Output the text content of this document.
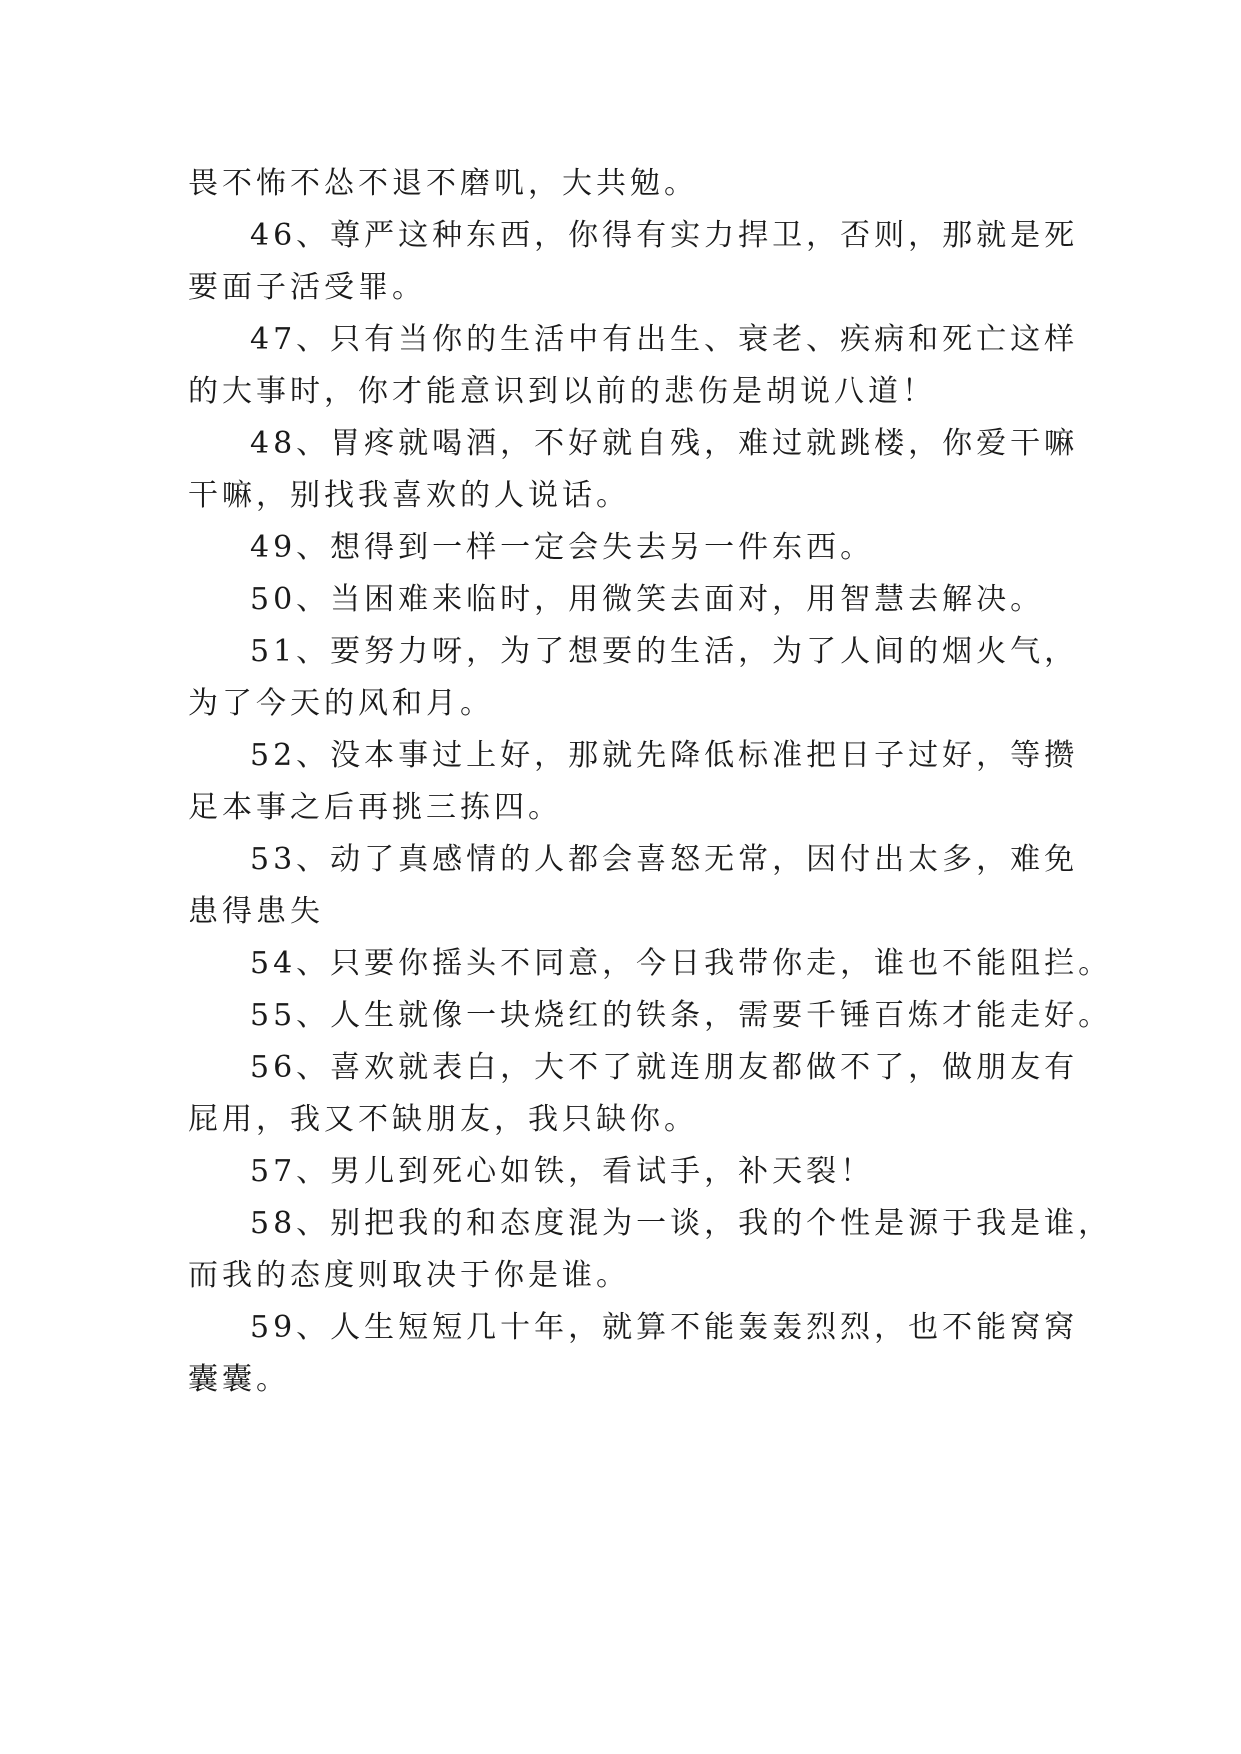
畏不怖不怂不退不磨叽，大共勉。
46、尊严这种东西，你得有实力捍卫，否则，那就是死
要面子活受罪。
47、只有当你的生活中有出生、衰老、疾病和死亡这样
的大事时，你才能意识到以前的悲伤是胡说八道！
48、胃疼就喝酒，不好就自残，难过就跳楼，你爱干嘛
干嘛，别找我喜欢的人说话。
49、想得到一样一定会失去另一件东西。
50、当困难来临时，用微笑去面对，用智慧去解决。
51、要努力呀，为了想要的生活，为了人间的烟火气，
为了今天的风和月。
52、没本事过上好，那就先降低标准把日子过好，等攒
足本事之后再挑三拣四。
53、动了真感情的人都会喜怒无常，因付出太多，难免
患得患失
54、只要你摇头不同意，今日我带你走，谁也不能阻拦。
55、人生就像一块烧红的铁条，需要千锤百炼才能走好。
56、喜欢就表白，大不了就连朋友都做不了，做朋友有
屁用，我又不缺朋友，我只缺你。
57、男儿到死心如铁，看试手，补天裂！
58、别把我的和态度混为一谈，我的个性是源于我是谁，
而我的态度则取决于你是谁。
59、人生短短几十年，就算不能轰轰烈烈，也不能窝窝
囊囊。
